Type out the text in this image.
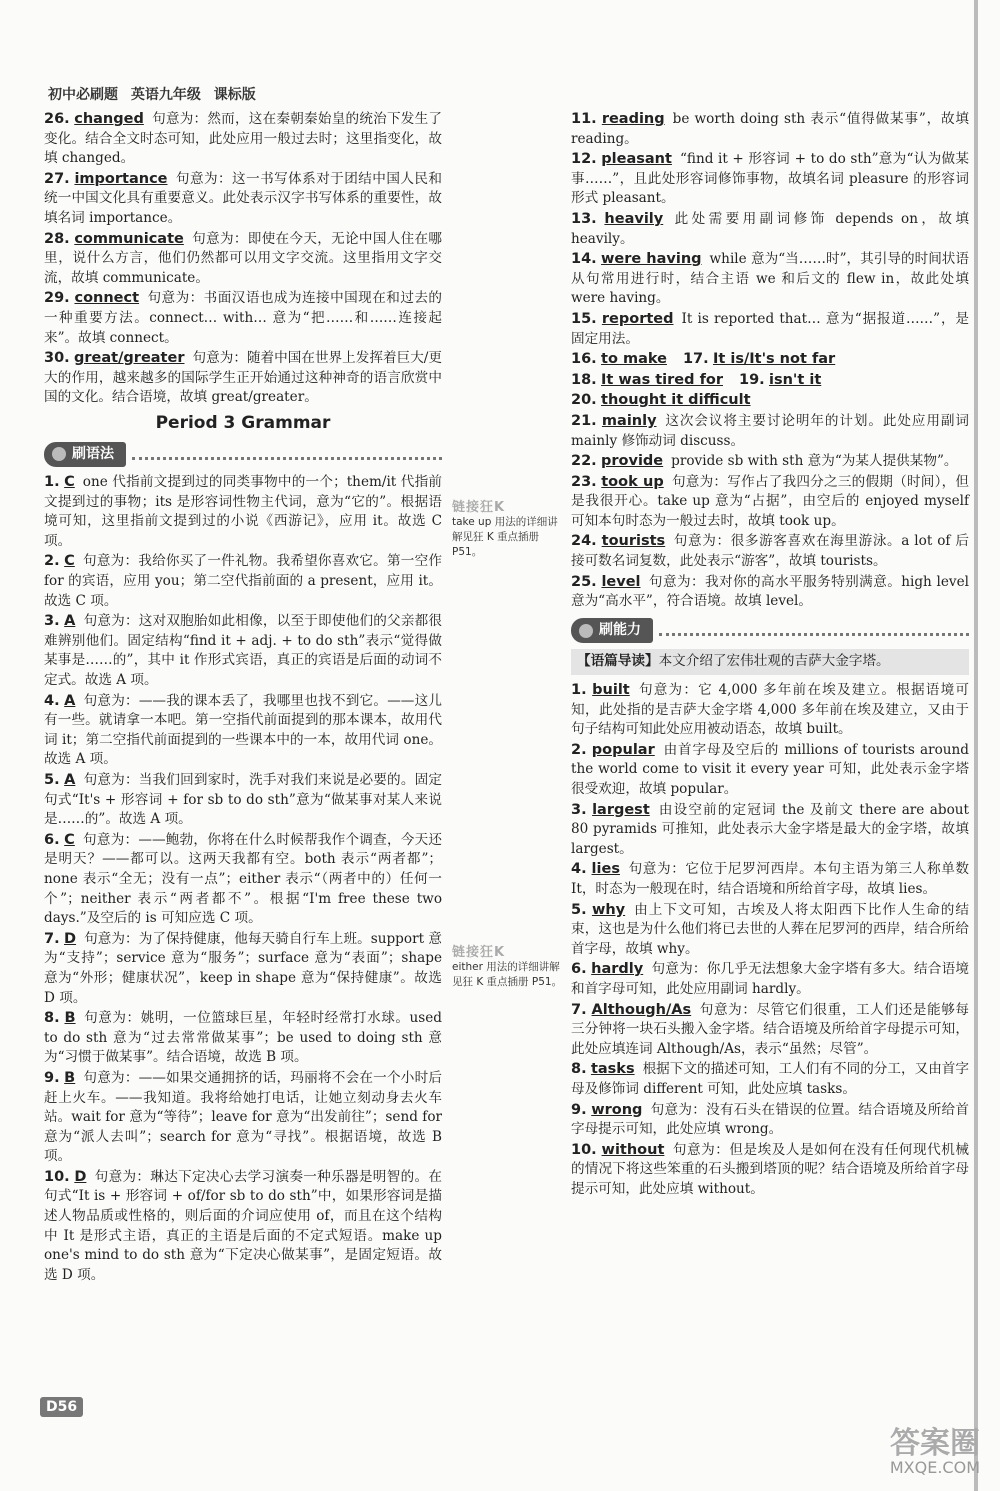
初中必刷题 英语九年级 课标版
26. changed 句意为：然而，这在秦朝秦始皇的统治下发生了变化。结合全文时态可知，此处应用一般过去时；这里指变化，故填 changed。
27. importance 句意为：这一书写体系对于团结中国人民和统一中国文化具有重要意义。此处表示汉字书写体系的重要性，故填名词 importance。
28. communicate 句意为：即使在今天，无论中国人住在哪里，说什么方言，他们仍然都可以用文字交流。这里指用文字交流，故填 communicate。
29. connect 句意为：书面汉语也成为连接中国现在和过去的一种重要方法。connect… with… 意为“把……和……连接起来”。故填 connect。
30. great/greater 句意为：随着中国在世界上发挥着巨大/更大的作用，越来越多的国际学生正开始通过这种神奇的语言欣赏中国的文化。结合语境，故填 great/greater。
Period 3 Grammar
刷语法
1. C one 代指前文提到过的同类事物中的一个；them/it 代指前文提到过的事物；its 是形容词性物主代词，意为“它的”。根据语境可知，这里指前文提到过的小说《西游记》，应用 it。故选 C 项。
2. C 句意为：我给你买了一件礼物。我希望你喜欢它。第一空作 for 的宾语，应用 you；第二空代指前面的 a present，应用 it。故选 C 项。
3. A 句意为：这对双胞胎如此相像，以至于即使他们的父亲都很难辨别他们。固定结构“find it + adj. + to do sth”表示“觉得做某事是……的”，其中 it 作形式宾语，真正的宾语是后面的动词不定式。故选 A 项。
4. A 句意为：——我的课本丢了，我哪里也找不到它。——这儿有一些。就请拿一本吧。第一空指代前面提到的那本课本，故用代词 it；第二空指代前面提到的一些课本中的一本，故用代词 one。故选 A 项。
5. A 句意为：当我们回到家时，洗手对我们来说是必要的。固定句式“It's + 形容词 + for sb to do sth”意为“做某事对某人来说是……的”。故选 A 项。
6. C 句意为：——鲍勃，你将在什么时候帮我作个调查，今天还是明天？——都可以。这两天我都有空。both 表示“两者都”；none 表示“全无；没有一点”；either 表示“（两者中的）任何一个”；neither 表示“两者都不”。根据“I'm free these two days.”及空后的 is 可知应选 C 项。
7. D 句意为：为了保持健康，他每天骑自行车上班。support 意为“支持”；service 意为“服务”；surface 意为“表面”；shape 意为“外形；健康状况”，keep in shape 意为“保持健康”。故选 D 项。
8. B 句意为：姚明，一位篮球巨星，年轻时经常打水球。used to do sth 意为“过去常常做某事”；be used to doing sth 意为“习惯于做某事”。结合语境，故选 B 项。
9. B 句意为：——如果交通拥挤的话，玛丽将不会在一个小时后赶上火车。——我知道。我将给她打电话，让她立刻动身去火车站。wait for 意为“等待”；leave for 意为“出发前往”；send for 意为“派人去叫”；search for 意为“寻找”。根据语境，故选 B 项。
10. D 句意为：琳达下定决心去学习演奏一种乐器是明智的。在句式“It is + 形容词 + of/for sb to do sth”中，如果形容词是描述人物品质或性格的，则后面的介词应使用 of，而且在这个结构中 It 是形式主语，真正的主语是后面的不定式短语。make up one's mind to do sth 意为“下定决心做某事”，是固定短语。故选 D 项。
链接狂K
take up 用法的详细讲解见狂 K 重点插册 P51。
链接狂K
either 用法的详细讲解见狂 K 重点插册 P51。
11. reading be worth doing sth 表示“值得做某事”，故填 reading。
12. pleasant “find it + 形容词 + to do sth”意为“认为做某事……”，且此处形容词修饰事物，故填名词 pleasure 的形容词形式 pleasant。
13. heavily 此处需要用副词修饰 depends on，故填 heavily。
14. were having while 意为“当……时”，其引导的时间状语从句常用进行时，结合主语 we 和后文的 flew in，故此处填 were having。
15. reported It is reported that… 意为“据报道……”，是固定用法。
16. to make 17. It is/It's not far
18. It was tired for 19. isn't it
20. thought it difficult
21. mainly 这次会议将主要讨论明年的计划。此处应用副词 mainly 修饰动词 discuss。
22. provide provide sb with sth 意为“为某人提供某物”。
23. took up 句意为：写作占了我四分之三的假期（时间），但是我很开心。take up 意为“占据”，由空后的 enjoyed myself 可知本句时态为一般过去时，故填 took up。
24. tourists 句意为：很多游客喜欢在海里游泳。a lot of 后接可数名词复数，此处表示“游客”，故填 tourists。
25. level 句意为：我对你的高水平服务特别满意。high level 意为“高水平”，符合语境。故填 level。
刷能力
【语篇导读】本文介绍了宏伟壮观的吉萨大金字塔。
1. built 句意为：它 4,000 多年前在埃及建立。根据语境可知，此处指的是吉萨大金字塔 4,000 多年前在埃及建立，又由于句子结构可知此处应用被动语态，故填 built。
2. popular 由首字母及空后的 millions of tourists around the world come to visit it every year 可知，此处表示金字塔很受欢迎，故填 popular。
3. largest 由设空前的定冠词 the 及前文 there are about 80 pyramids 可推知，此处表示大金字塔是最大的金字塔，故填 largest。
4. lies 句意为：它位于尼罗河西岸。本句主语为第三人称单数 It，时态为一般现在时，结合语境和所给首字母，故填 lies。
5. why 由上下文可知，古埃及人将太阳西下比作人生命的结束，这也是为什么他们将已去世的人葬在尼罗河的西岸，结合所给首字母，故填 why。
6. hardly 句意为：你几乎无法想象大金字塔有多大。结合语境和首字母可知，此处应用副词 hardly。
7. Although/As 句意为：尽管它们很重，工人们还是能够每三分钟将一块石头搬入金字塔。结合语境及所给首字母提示可知，此处应填连词 Although/As，表示“虽然；尽管”。
8. tasks 根据下文的描述可知，工人们有不同的分工，又由首字母及修饰词 different 可知，此处应填 tasks。
9. wrong 句意为：没有石头在错误的位置。结合语境及所给首字母提示可知，此处应填 wrong。
10. without 句意为：但是埃及人是如何在没有任何现代机械的情况下将这些笨重的石头搬到塔顶的呢？结合语境及所给首字母提示可知，此处应填 without。
D56
答案圈
MXQE.COM
